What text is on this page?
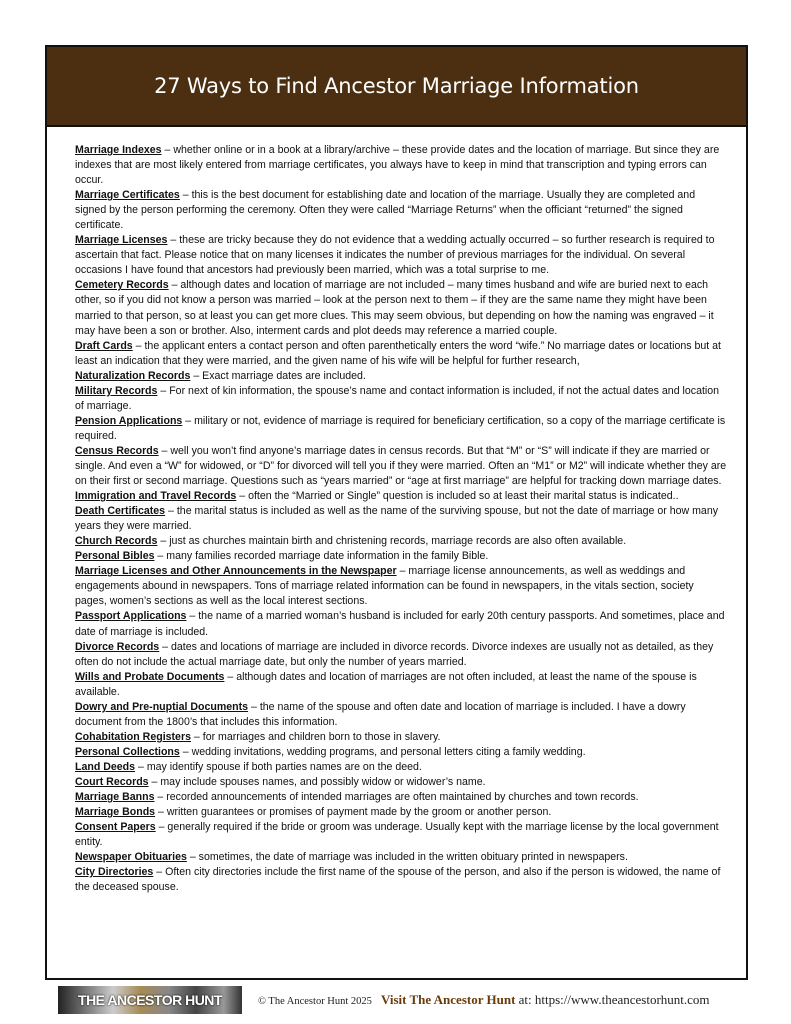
27 Ways to Find Ancestor Marriage Information

Marriage Indexes – whether online or in a book at a library/archive – these provide dates and the location of marriage. But since they are indexes that are most likely entered from marriage certificates, you always have to keep in mind that transcription and typing errors can occur.

Marriage Certificates – this is the best document for establishing date and location of the marriage. Usually they are completed and signed by the person performing the ceremony. Often they were called “Marriage Returns” when the officiant “returned” the signed certificate.

Marriage Licenses – these are tricky because they do not evidence that a wedding actually occurred – so further research is required to ascertain that fact. Please notice that on many licenses it indicates the number of previous marriages for the individual. On several occasions I have found that ancestors had previously been married, which was a total surprise to me.

Cemetery Records – although dates and location of marriage are not included – many times husband and wife are buried next to each other, so if you did not know a person was married – look at the person next to them – if they are the same name they might have been married to that person, so at least you can get more clues. This may seem obvious, but depending on how the naming was engraved – it may have been a son or brother. Also, interment cards and plot deeds may reference a married couple.

Draft Cards – the applicant enters a contact person and often parenthetically enters the word “wife.” No marriage dates or locations but at least an indication that they were married, and the given name of his wife will be helpful for further research,

Naturalization Records – Exact marriage dates are included.

Military Records – For next of kin information, the spouse’s name and contact information is included, if not the actual dates and location of marriage.

Pension Applications – military or not, evidence of marriage is required for beneficiary certification, so a copy of the marriage certificate is required.

Census Records – well you won’t find anyone’s marriage dates in census records. But that “M” or “S” will indicate if they are married or single. And even a “W” for widowed, or “D” for divorced will tell you if they were married. Often an “M1” or M2” will indicate whether they are on their first or second marriage. Questions such as “years married” or “age at first marriage” are helpful for tracking down marriage dates.

Immigration and Travel Records – often the “Married or Single” question is included so at least their marital status is indicated..

Death Certificates – the marital status is included as well as the name of the surviving spouse, but not the date of marriage or how many years they were married.

Church Records – just as churches maintain birth and christening records, marriage records are also often available.

Personal Bibles – many families recorded marriage date information in the family Bible.

Marriage Licenses and Other Announcements in the Newspaper – marriage license announcements, as well as weddings and engagements abound in newspapers. Tons of marriage related information can be found in newspapers, in the vitals section, society pages, women’s sections as well as the local interest sections.

Passport Applications – the name of a married woman’s husband is included for early 20th century passports. And sometimes, place and date of marriage is included.

Divorce Records – dates and locations of marriage are included in divorce records. Divorce indexes are usually not as detailed, as they often do not include the actual marriage date, but only the number of years married.

Wills and Probate Documents – although dates and location of marriages are not often included, at least the name of the spouse is available.

Dowry and Pre-nuptial Documents – the name of the spouse and often date and location of marriage is included. I have a dowry document from the 1800’s that includes this information.

Cohabitation Registers – for marriages and children born to those in slavery.

Personal Collections – wedding invitations, wedding programs, and personal letters citing a family wedding.

Land Deeds – may identify spouse if both parties names are on the deed.

Court Records – may include spouses names, and possibly widow or widower’s name.

Marriage Banns – recorded announcements of intended marriages are often maintained by churches and town records.

Marriage Bonds – written guarantees or promises of payment made by the groom or another person.

Consent Papers – generally required if the bride or groom was underage. Usually kept with the marriage license by the local government entity.

Newspaper Obituaries – sometimes, the date of marriage was included in the written obituary printed in newspapers.

City Directories – Often city directories include the first name of the spouse of the person, and also if the person is widowed, the name of the deceased spouse.

THE ANCESTOR HUNT	© The Ancestor Hunt 2025 Visit The Ancestor Hunt at: https://www.theancestorhunt.com
